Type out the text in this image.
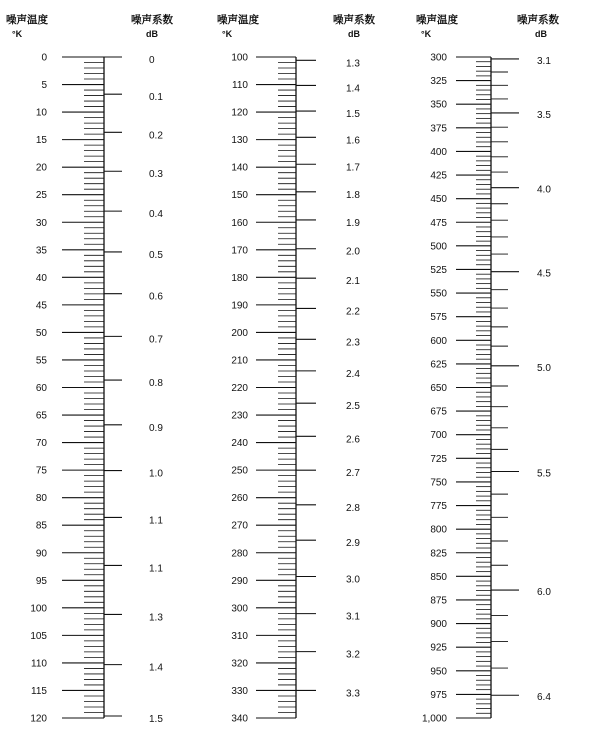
噪声温度
°K
噪声系数
dB
噪声温度
°K
噪声系数
dB
噪声温度
°K
噪声系数
dB
0
5
10
15
20
25
30
35
40
45
50
55
60
65
70
75
80
85
90
95
100
105
110
115
120
0
0.1
0.2
0.3
0.4
0.5
0.6
0.7
0.8
0.9
1.0
1.1
1.1
1.3
1.4
1.5
100
110
120
130
140
150
160
170
180
190
200
210
220
230
240
250
260
270
280
290
300
310
320
330
340
1.3
1.4
1.5
1.6
1.7
1.8
1.9
2.0
2.1
2.2
2.3
2.4
2.5
2.6
2.7
2.8
2.9
3.0
3.1
3.2
3.3
300
325
350
375
400
425
450
475
500
525
550
575
600
625
650
675
700
725
750
775
800
825
850
875
900
925
950
975
1,000
3.1
3.5
4.0
4.5
5.0
5.5
6.0
6.4
